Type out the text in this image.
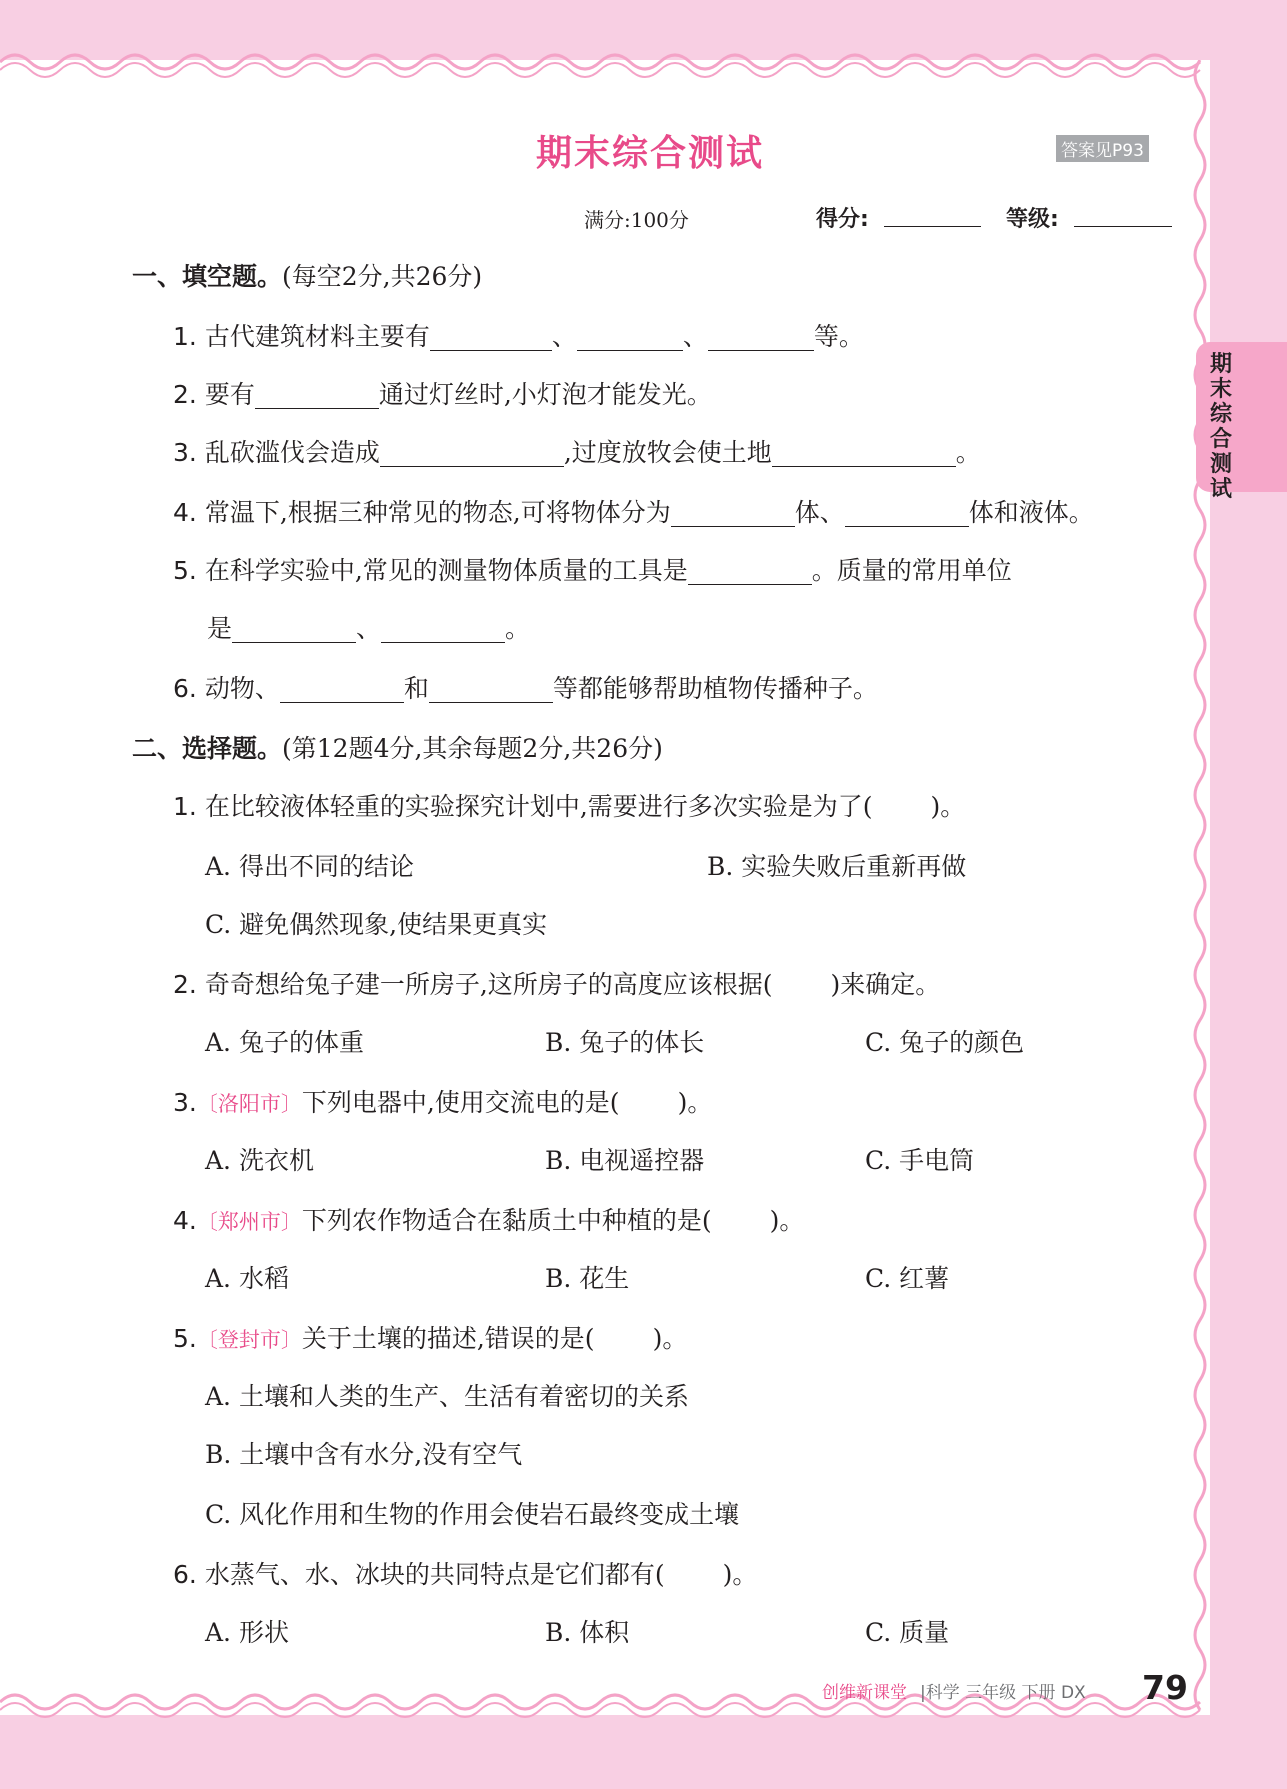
期末综合测试	答案见P93
满分:100分	得分:	等级:
期末综合测试
一、填空题。(每空2分,共26分)
1. 古代建筑材料主要有	、	、	等。
2. 要有	通过灯丝时,小灯泡才能发光。
3. 乱砍滥伐会造成	,过度放牧会使土地	。
4. 常温下,根据三种常见的物态,可将物体分为	体、	体和液体。
5. 在科学实验中,常见的测量物体质量的工具是	。质量的常用单位
是	、	。
6. 动物、	和	等都能够帮助植物传播种子。
二、选择题。(第12题4分,其余每题2分,共26分)
1. 在比较液体轻重的实验探究计划中,需要进行多次实验是为了( )。
A. 得出不同的结论	B. 实验失败后重新再做
C. 避免偶然现象,使结果更真实
2. 奇奇想给兔子建一所房子,这所房子的高度应该根据( )来确定。
A. 兔子的体重	B. 兔子的体长	C. 兔子的颜色
3.〔洛阳市〕下列电器中,使用交流电的是( )。
A. 洗衣机	B. 电视遥控器	C. 手电筒
4.〔郑州市〕下列农作物适合在黏质土中种植的是( )。
A. 水稻	B. 花生	C. 红薯
5.〔登封市〕关于土壤的描述,错误的是( )。
A. 土壤和人类的生产、生活有着密切的关系
B. 土壤中含有水分,没有空气
C. 风化作用和生物的作用会使岩石最终变成土壤
6. 水蒸气、水、冰块的共同特点是它们都有( )。
A. 形状	B. 体积	C. 质量
创维新课堂 |科学 三年级 下册 DX 79
